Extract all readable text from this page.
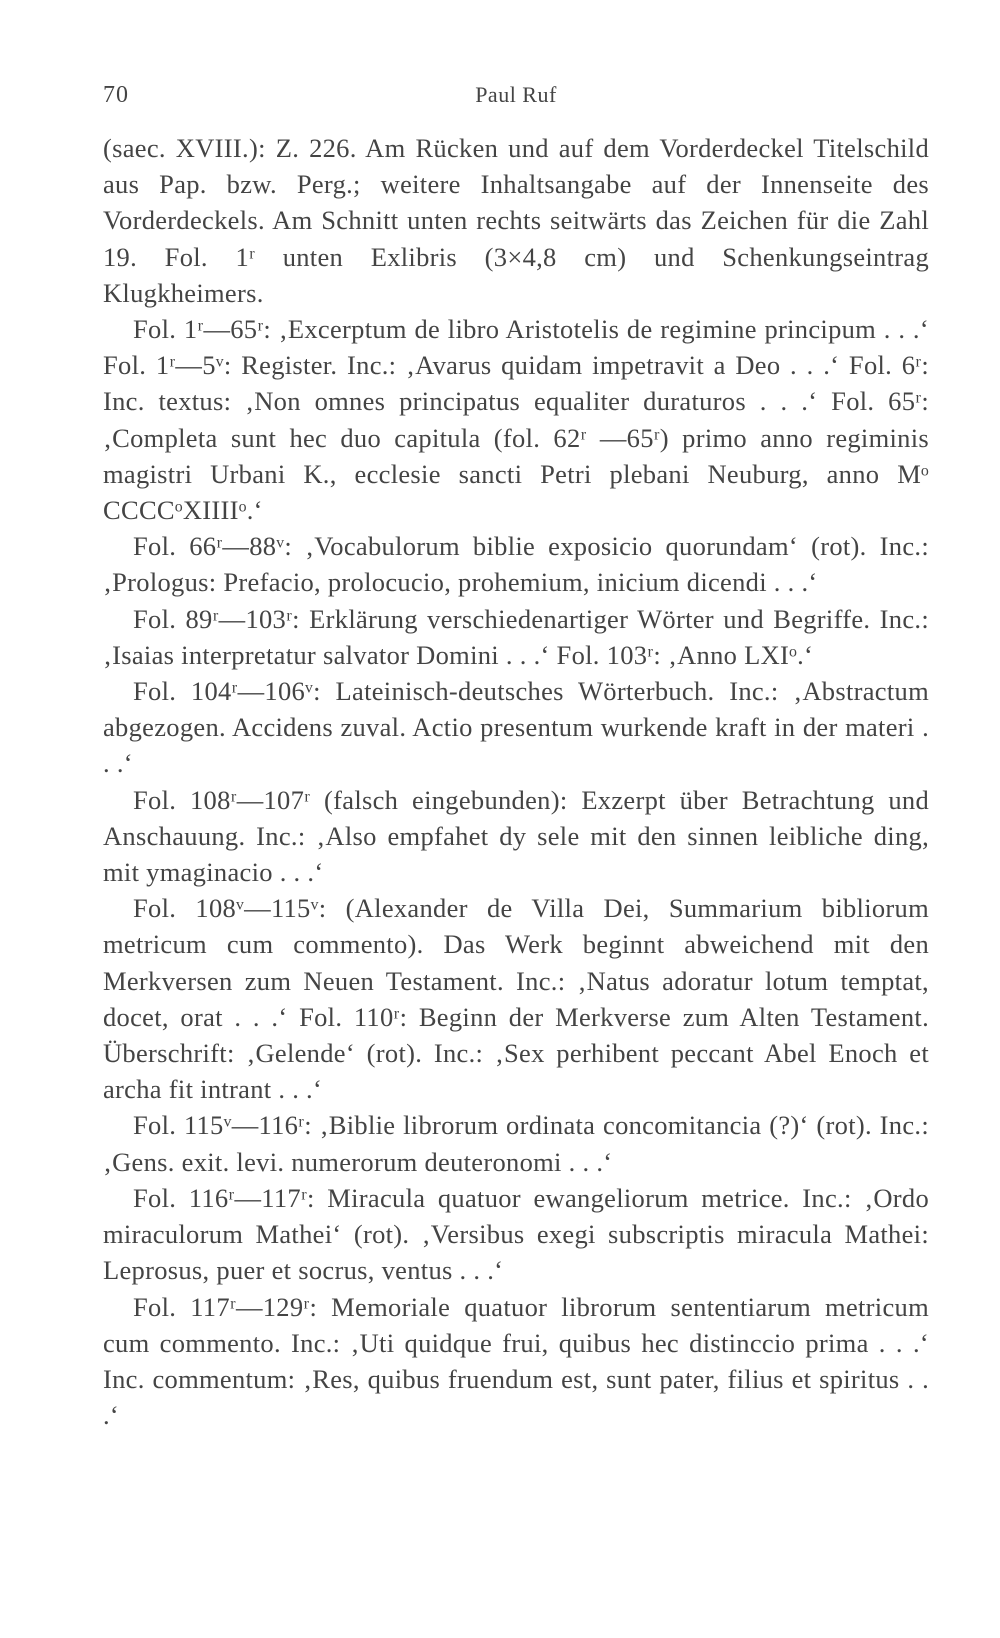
70	Paul Ruf

(saec. XVIII.): Z. 226. Am Rücken und auf dem Vorderdeckel Titelschild aus Pap. bzw. Perg.; weitere Inhaltsangabe auf der Innenseite des Vorderdeckels. Am Schnitt unten rechts seitwärts das Zeichen für die Zahl 19. Fol. 1ʳ unten Exlibris (3×4,8 cm) und Schenkungseintrag Klugkheimers.

Fol. 1ʳ—65ʳ: ‚Excerptum de libro Aristotelis de regimine principum . . .‘ Fol. 1ʳ—5ᵛ: Register. Inc.: ‚Avarus quidam impetravit a Deo . . .‘ Fol. 6ʳ: Inc. textus: ‚Non omnes principatus equaliter duraturos . . .‘ Fol. 65ʳ: ‚Completa sunt hec duo capitula (fol. 62ʳ —65ʳ) primo anno regiminis magistri Urbani K., ecclesie sancti Petri plebani Neuburg, anno Mᵒ CCCCᵒXIIIIᵒ.‘

Fol. 66ʳ—88ᵛ: ‚Vocabulorum biblie exposicio quorundam‘ (rot). Inc.: ‚Prologus: Prefacio, prolocucio, prohemium, inicium dicendi . . .‘

Fol. 89ʳ—103ʳ: Erklärung verschiedenartiger Wörter und Begriffe. Inc.: ‚Isaias interpretatur salvator Domini . . .‘ Fol. 103ʳ: ‚Anno LXIᵒ.‘

Fol. 104ʳ—106ᵛ: Lateinisch-deutsches Wörterbuch. Inc.: ‚Abstractum abgezogen. Accidens zuval. Actio presentum wurkende kraft in der materi . . .‘

Fol. 108ʳ—107ʳ (falsch eingebunden): Exzerpt über Betrachtung und Anschauung. Inc.: ‚Also empfahet dy sele mit den sinnen leibliche ding, mit ymaginacio . . .‘

Fol. 108ᵛ—115ᵛ: (Alexander de Villa Dei, Summarium bibliorum metricum cum commento). Das Werk beginnt abweichend mit den Merkversen zum Neuen Testament. Inc.: ‚Natus adoratur lotum temptat, docet, orat . . .‘ Fol. 110ʳ: Beginn der Merkverse zum Alten Testament. Überschrift: ‚Gelende‘ (rot). Inc.: ‚Sex perhibent peccant Abel Enoch et archa fit intrant . . .‘

Fol. 115ᵛ—116ʳ: ‚Biblie librorum ordinata concomitancia (?)‘ (rot). Inc.: ‚Gens. exit. levi. numerorum deuteronomi . . .‘

Fol. 116ʳ—117ʳ: Miracula quatuor ewangeliorum metrice. Inc.: ‚Ordo miraculorum Mathei‘ (rot). ‚Versibus exegi subscriptis miracula Mathei: Leprosus, puer et socrus, ventus . . .‘

Fol. 117ʳ—129ʳ: Memoriale quatuor librorum sententiarum metricum cum commento. Inc.: ‚Uti quidque frui, quibus hec distinccio prima . . .‘ Inc. commentum: ‚Res, quibus fruendum est, sunt pater, filius et spiritus . . .‘
